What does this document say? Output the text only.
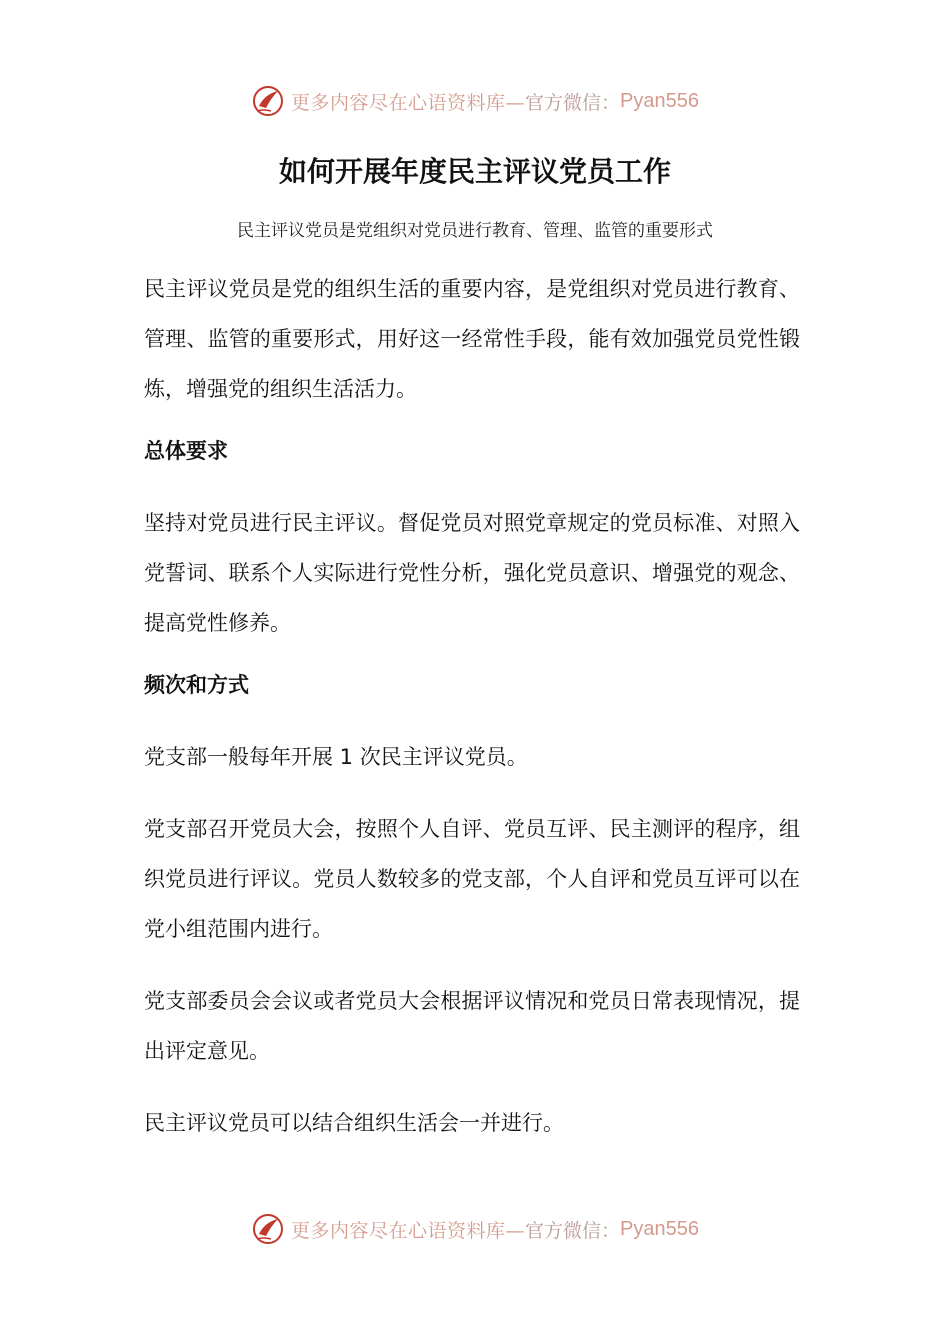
更多内容尽在心语资料库— 官方微信： Pyan556
如何开展年度民主评议党员工作
民主评议党员是党组织对党员进行教育、管理、监管的重要形式

民主评议党员是党的组织生活的重要内容，是党组织对党员进行教育、管理、监管的重要形式，用好这一经常性手段，能有效加强党员党性锻炼，增强党的组织生活活力。

总体要求

坚持对党员进行民主评议。督促党员对照党章规定的党员标准、对照入党誓词、联系个人实际进行党性分析，强化党员意识、增强党的观念、提高党性修养。

频次和方式

党支部一般每年开展 1 次民主评议党员。

党支部召开党员大会，按照个人自评、党员互评、民主测评的程序，组织党员进行评议。党员人数较多的党支部，个人自评和党员互评可以在党小组范围内进行。

党支部委员会会议或者党员大会根据评议情况和党员日常表现情况，提出评定意见。

民主评议党员可以结合组织生活会一并进行。

更多内容尽在心语资料库— 官方微信： Pyan556
